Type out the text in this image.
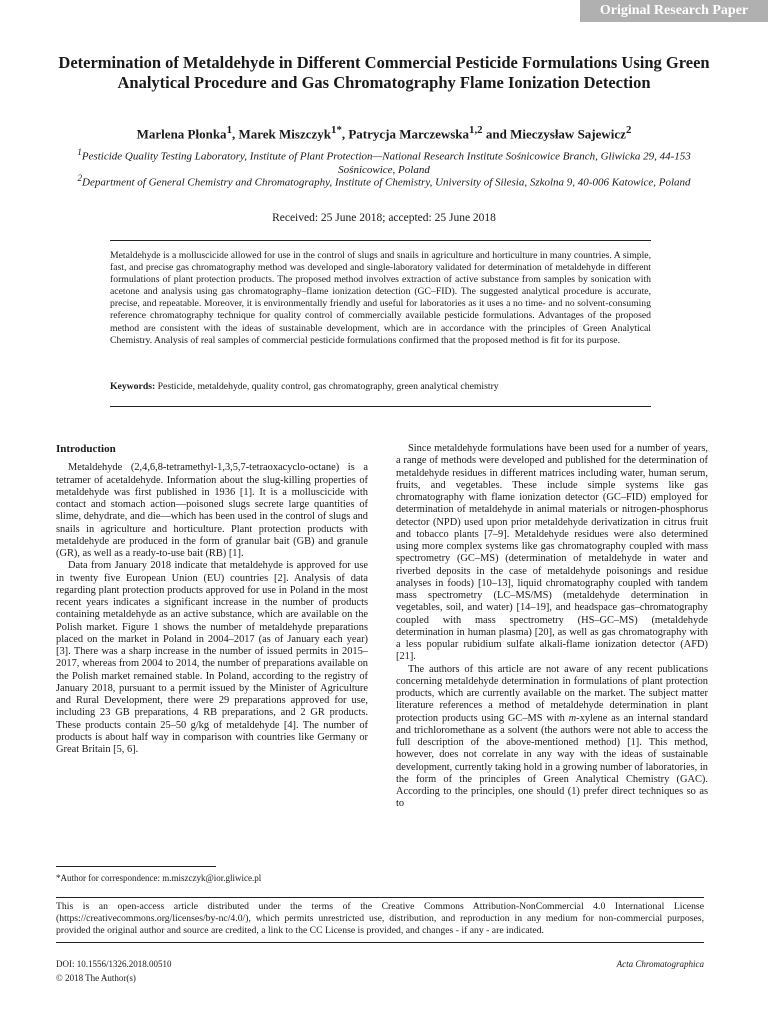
Original Research Paper
Determination of Metaldehyde in Different Commercial Pesticide Formulations Using Green Analytical Procedure and Gas Chromatography Flame Ionization Detection
Marlena Płonka$^1$, Marek Miszczyk$^{1*}$, Patrycja Marczewska$^{1,2}$ and Mieczysław Sajewicz$^2$
$^1$Pesticide Quality Testing Laboratory, Institute of Plant Protection—National Research Institute Sośnicowice Branch, Gliwicka 29, 44-153 Sośnicowice, Poland
$^2$Department of General Chemistry and Chromatography, Institute of Chemistry, University of Silesia, Szkolna 9, 40-006 Katowice, Poland
Received: 25 June 2018; accepted: 25 June 2018

Metaldehyde is a molluscicide allowed for use in the control of slugs and snails in agriculture and horticulture in many countries. A simple, fast, and precise gas chromatography method was developed and single-laboratory validated for determination of metaldehyde in different formulations of plant protection products. The proposed method involves extraction of active substance from samples by sonication with acetone and analysis using gas chromatography–flame ionization detection (GC–FID). The suggested analytical procedure is accurate, precise, and repeatable. Moreover, it is environmentally friendly and useful for laboratories as it uses a no time- and no solvent-consuming reference chromatography technique for quality control of commercially available pesticide formulations. Advantages of the proposed method are consistent with the ideas of sustainable development, which are in accordance with the principles of Green Analytical Chemistry. Analysis of real samples of commercial pesticide formulations confirmed that the proposed method is fit for its purpose.

Keywords: Pesticide, metaldehyde, quality control, gas chromatography, green analytical chemistry
Introduction

Metaldehyde (2,4,6,8-tetramethyl-1,3,5,7-tetraoxacyclo-octane) is a tetramer of acetaldehyde. Information about the slug-killing properties of metaldehyde was first published in 1936 [1]. It is a molluscicide with contact and stomach action—poisoned slugs secrete large quantities of slime, dehydrate, and die—which has been used in the control of slugs and snails in agriculture and horticulture. Plant protection products with metaldehyde are produced in the form of granular bait (GB) and granule (GR), as well as a ready-to-use bait (RB) [1].

Data from January 2018 indicate that metaldehyde is approved for use in twenty five European Union (EU) countries [2]. Analysis of data regarding plant protection products approved for use in Poland in the most recent years indicates a significant increase in the number of products containing metaldehyde as an active substance, which are available on the Polish market. Figure 1 shows the number of metaldehyde preparations placed on the market in Poland in 2004–2017 (as of January each year) [3]. There was a sharp increase in the number of issued permits in 2015–2017, whereas from 2004 to 2014, the number of preparations available on the Polish market remained stable. In Poland, according to the registry of January 2018, pursuant to a permit issued by the Minister of Agriculture and Rural Development, there were 29 preparations approved for use, including 23 GB preparations, 4 RB preparations, and 2 GR products. These products contain 25–50 g/kg of metaldehyde [4]. The number of products is about half way in comparison with countries like Germany or Great Britain [5, 6].

Since metaldehyde formulations have been used for a number of years, a range of methods were developed and published for the determination of metaldehyde residues in different matrices including water, human serum, fruits, and vegetables. These include simple systems like gas chromatography with flame ionization detector (GC–FID) employed for determination of metaldehyde in animal materials or nitrogen-phosphorus detector (NPD) used upon prior metaldehyde derivatization in citrus fruit and tobacco plants [7–9]. Metaldehyde residues were also determined using more complex systems like gas chromatography coupled with mass spectrometry (GC–MS) (determination of metaldehyde in water and riverbed deposits in the case of metaldehyde poisonings and residue analyses in foods) [10–13], liquid chromatography coupled with tandem mass spectrometry (LC–MS/MS) (metaldehyde determination in vegetables, soil, and water) [14–19], and headspace gas–chromatography coupled with mass spectrometry (HS–GC–MS) (metaldehyde determination in human plasma) [20], as well as gas chromatography with a less popular rubidium sulfate alkali-flame ionization detector (AFD) [21].

The authors of this article are not aware of any recent publications concerning metaldehyde determination in formulations of plant protection products, which are currently available on the market. The subject matter literature references a method of metaldehyde determination in plant protection products using GC–MS with m-xylene as an internal standard and trichloromethane as a solvent (the authors were not able to access the full description of the above-mentioned method) [1]. This method, however, does not correlate in any way with the ideas of sustainable development, currently taking hold in a growing number of laboratories, in the form of the principles of Green Analytical Chemistry (GAC). According to the principles, one should (1) prefer direct techniques so as to

*Author for correspondence: m.miszczyk@ior.gliwice.pl
This is an open-access article distributed under the terms of the Creative Commons Attribution-NonCommercial 4.0 International License (https://creativecommons.org/licenses/by-nc/4.0/), which permits unrestricted use, distribution, and reproduction in any medium for non-commercial purposes, provided the original author and source are credited, a link to the CC License is provided, and changes - if any - are indicated.
DOI: 10.1556/1326.2018.00510
© 2018 The Author(s)
Acta Chromatographica
